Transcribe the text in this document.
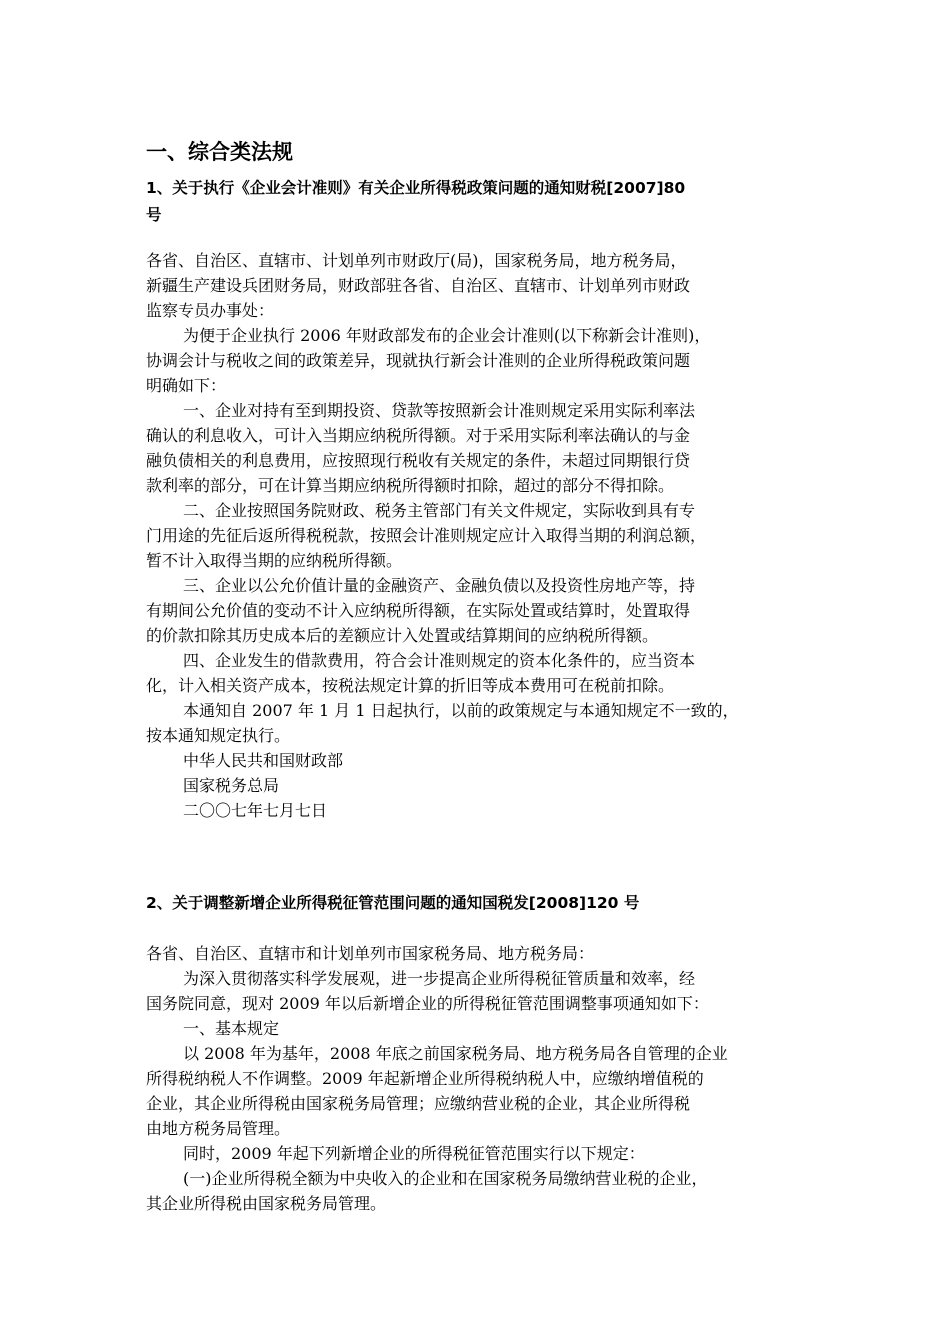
一、综合类法规
1、关于执行《企业会计准则》有关企业所得税政策问题的通知财税[2007]80
号
各省、自治区、直辖市、计划单列市财政厅(局)，国家税务局，地方税务局，
新疆生产建设兵团财务局，财政部驻各省、自治区、直辖市、计划单列市财政
监察专员办事处：
为便于企业执行 2006 年财政部发布的企业会计准则(以下称新会计准则)，
协调会计与税收之间的政策差异，现就执行新会计准则的企业所得税政策问题
明确如下：
一、企业对持有至到期投资、贷款等按照新会计准则规定采用实际利率法
确认的利息收入，可计入当期应纳税所得额。对于采用实际利率法确认的与金
融负债相关的利息费用，应按照现行税收有关规定的条件，未超过同期银行贷
款利率的部分，可在计算当期应纳税所得额时扣除，超过的部分不得扣除。
二、企业按照国务院财政、税务主管部门有关文件规定，实际收到具有专
门用途的先征后返所得税税款，按照会计准则规定应计入取得当期的利润总额，
暂不计入取得当期的应纳税所得额。
三、企业以公允价值计量的金融资产、金融负债以及投资性房地产等，持
有期间公允价值的变动不计入应纳税所得额，在实际处置或结算时，处置取得
的价款扣除其历史成本后的差额应计入处置或结算期间的应纳税所得额。
四、企业发生的借款费用，符合会计准则规定的资本化条件的，应当资本
化，计入相关资产成本，按税法规定计算的折旧等成本费用可在税前扣除。
本通知自 2007 年 1 月 1 日起执行，以前的政策规定与本通知规定不一致的，
按本通知规定执行。
中华人民共和国财政部
国家税务总局
二〇〇七年七月七日
2、关于调整新增企业所得税征管范围问题的通知国税发[2008]120 号
各省、自治区、直辖市和计划单列市国家税务局、地方税务局：
为深入贯彻落实科学发展观，进一步提高企业所得税征管质量和效率，经
国务院同意，现对 2009 年以后新增企业的所得税征管范围调整事项通知如下：
一、基本规定
以 2008 年为基年，2008 年底之前国家税务局、地方税务局各自管理的企业
所得税纳税人不作调整。2009 年起新增企业所得税纳税人中，应缴纳增值税的
企业，其企业所得税由国家税务局管理；应缴纳营业税的企业，其企业所得税
由地方税务局管理。
同时，2009 年起下列新增企业的所得税征管范围实行以下规定：
(一)企业所得税全额为中央收入的企业和在国家税务局缴纳营业税的企业，
其企业所得税由国家税务局管理。
